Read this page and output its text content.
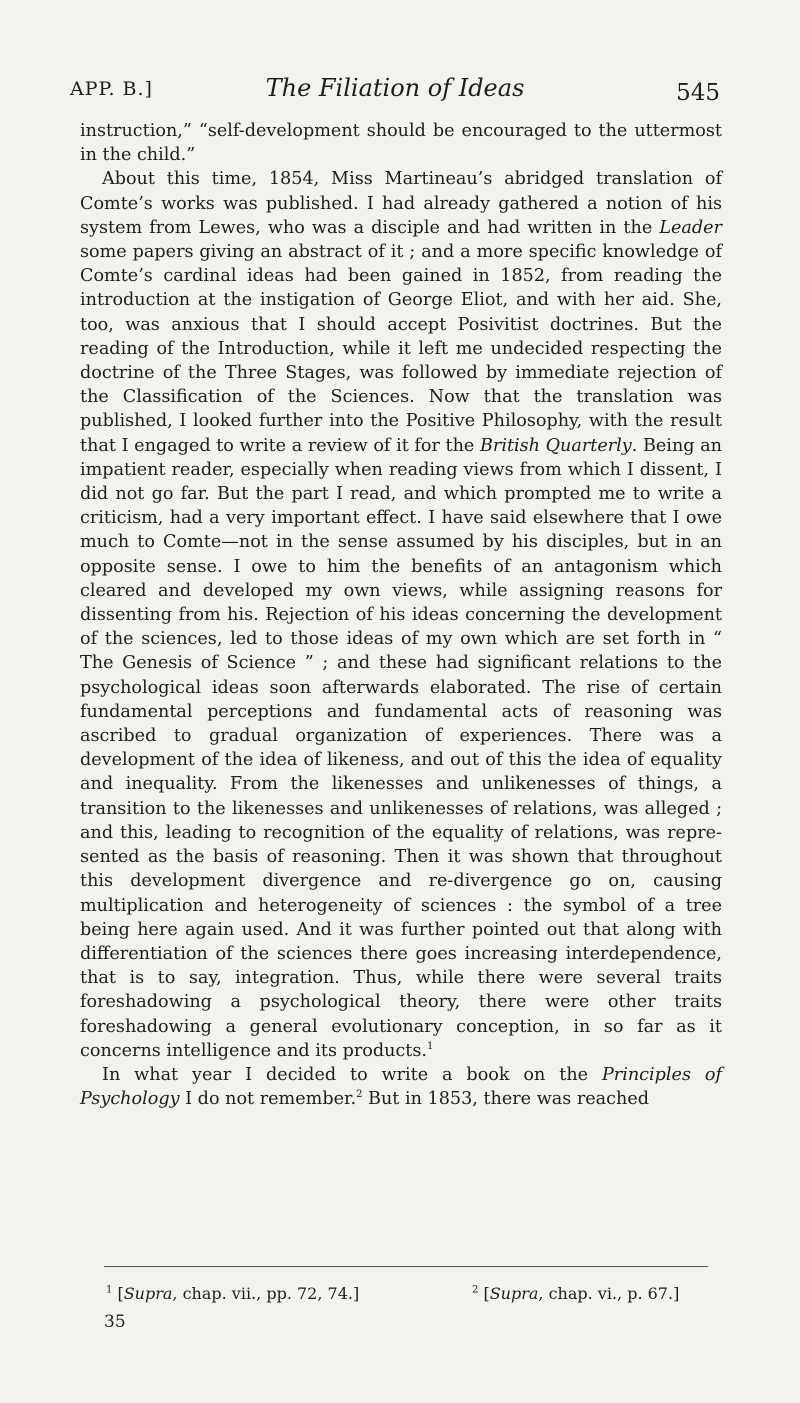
APP. B.]	The Filiation of Ideas	545

instruction,” “self-development should be encouraged to the uttermost in the child.”

About this time, 1854, Miss Martineau’s abridged translation of Comte’s works was published. I had already gathered a notion of his system from Lewes, who was a disciple and had written in the Leader some papers giving an abstract of it ; and a more specific knowledge of Comte’s cardinal ideas had been gained in 1852, from reading the introduction at the instigation of George Eliot, and with her aid. She, too, was anxious that I should accept Posivitist doctrines. But the reading of the Introduction, while it left me undecided respecting the doctrine of the Three Stages, was followed by immediate rejection of the Classification of the Sciences. Now that the translation was published, I looked further into the Positive Philosophy, with the result that I engaged to write a review of it for the British Quarterly. Being an impatient reader, especially when reading views from which I dissent, I did not go far. But the part I read, and which prompted me to write a criticism, had a very important effect. I have said elsewhere that I owe much to Comte—not in the sense assumed by his disciples, but in an opposite sense. I owe to him the benefits of an antagonism which cleared and developed my own views, while assigning reasons for dissenting from his. Rejection of his ideas concerning the development of the sciences, led to those ideas of my own which are set forth in “ The Genesis of Science ” ; and these had significant relations to the psychological ideas soon afterwards elaborated. The rise of certain fundamental perceptions and fundamental acts of reasoning was ascribed to gradual organization of experiences. There was a development of the idea of likeness, and out of this the idea of equality and inequality. From the likenesses and unlikenesses of things, a transition to the likenesses and unlikenesses of relations, was alleged ; and this, leading to recognition of the equality of relations, was represented as the basis of reasoning. Then it was shown that throughout this development divergence and re-divergence go on, causing multiplication and heterogeneity of sciences : the symbol of a tree being here again used. And it was further pointed out that along with differentiation of the sciences there goes increasing interdependence, that is to say, integration. Thus, while there were several traits foreshadowing a psychological theory, there were other traits foreshadowing a general evolutionary conception, in so far as it concerns intelligence and its products.$^1$

In what year I decided to write a book on the Principles of Psychology I do not remember.$^2$ But in 1853, there was reached

$^1$ [Supra, chap. vii., pp. 72, 74.]	$^2$ [Supra, chap. vi., p. 67.]
35
